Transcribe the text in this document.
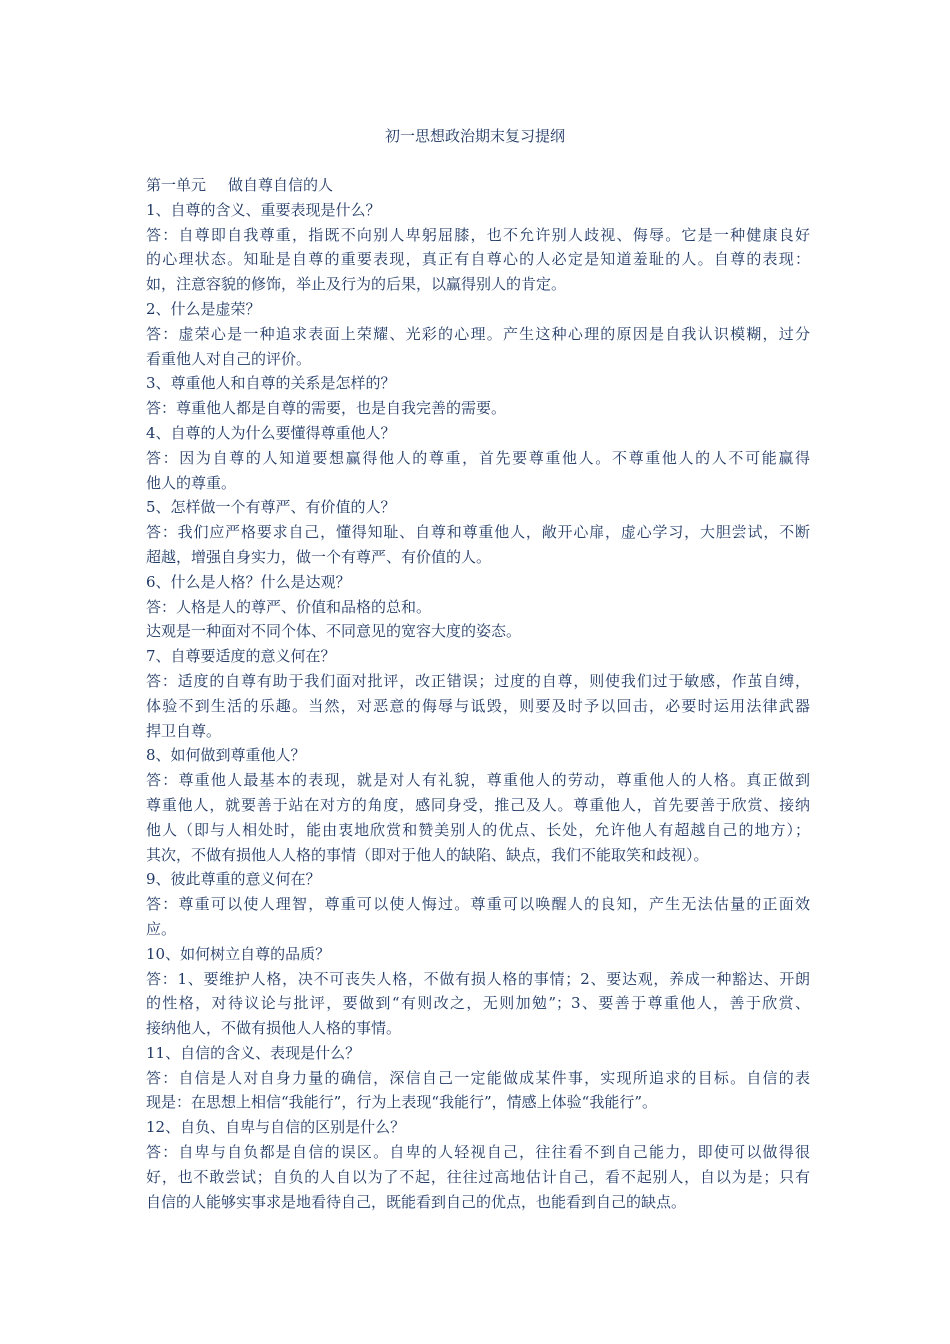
初一思想政治期末复习提纲
第一单元 做自尊自信的人
1、自尊的含义、重要表现是什么？
答：自尊即自我尊重，指既不向别人卑躬屈膝，也不允许别人歧视、侮辱。它是一种健康良好
的心理状态。知耻是自尊的重要表现，真正有自尊心的人必定是知道羞耻的人。自尊的表现：
如，注意容貌的修饰，举止及行为的后果，以赢得别人的肯定。
2、什么是虚荣？
答：虚荣心是一种追求表面上荣耀、光彩的心理。产生这种心理的原因是自我认识模糊，过分
看重他人对自己的评价。
3、尊重他人和自尊的关系是怎样的？
答：尊重他人都是自尊的需要，也是自我完善的需要。
4、自尊的人为什么要懂得尊重他人？
答：因为自尊的人知道要想赢得他人的尊重，首先要尊重他人。不尊重他人的人不可能赢得
他人的尊重。
5、怎样做一个有尊严、有价值的人？
答：我们应严格要求自己，懂得知耻、自尊和尊重他人，敞开心扉，虚心学习，大胆尝试，不断
超越，增强自身实力，做一个有尊严、有价值的人。
6、什么是人格？什么是达观？
答：人格是人的尊严、价值和品格的总和。
达观是一种面对不同个体、不同意见的宽容大度的姿态。
7、自尊要适度的意义何在？
答：适度的自尊有助于我们面对批评，改正错误；过度的自尊，则使我们过于敏感，作茧自缚，
体验不到生活的乐趣。当然，对恶意的侮辱与诋毁，则要及时予以回击，必要时运用法律武器
捍卫自尊。
8、如何做到尊重他人？
答：尊重他人最基本的表现，就是对人有礼貌，尊重他人的劳动，尊重他人的人格。真正做到
尊重他人，就要善于站在对方的角度，感同身受，推己及人。尊重他人，首先要善于欣赏、接纳
他人（即与人相处时，能由衷地欣赏和赞美别人的优点、长处，允许他人有超越自己的地方）；
其次，不做有损他人人格的事情（即对于他人的缺陷、缺点，我们不能取笑和歧视）。
9、彼此尊重的意义何在？
答：尊重可以使人理智，尊重可以使人悔过。尊重可以唤醒人的良知，产生无法估量的正面效
应。
10、如何树立自尊的品质？
答：1、要维护人格，决不可丧失人格，不做有损人格的事情；2、要达观，养成一种豁达、开朗
的性格，对待议论与批评，要做到“有则改之，无则加勉”；3、要善于尊重他人，善于欣赏、
接纳他人，不做有损他人人格的事情。
11、自信的含义、表现是什么？
答：自信是人对自身力量的确信，深信自己一定能做成某件事，实现所追求的目标。自信的表
现是：在思想上相信“我能行”，行为上表现“我能行”，情感上体验“我能行”。
12、自负、自卑与自信的区别是什么？
答：自卑与自负都是自信的误区。自卑的人轻视自己，往往看不到自己能力，即使可以做得很
好，也不敢尝试；自负的人自以为了不起，往往过高地估计自己，看不起别人，自以为是；只有
自信的人能够实事求是地看待自己，既能看到自己的优点，也能看到自己的缺点。
